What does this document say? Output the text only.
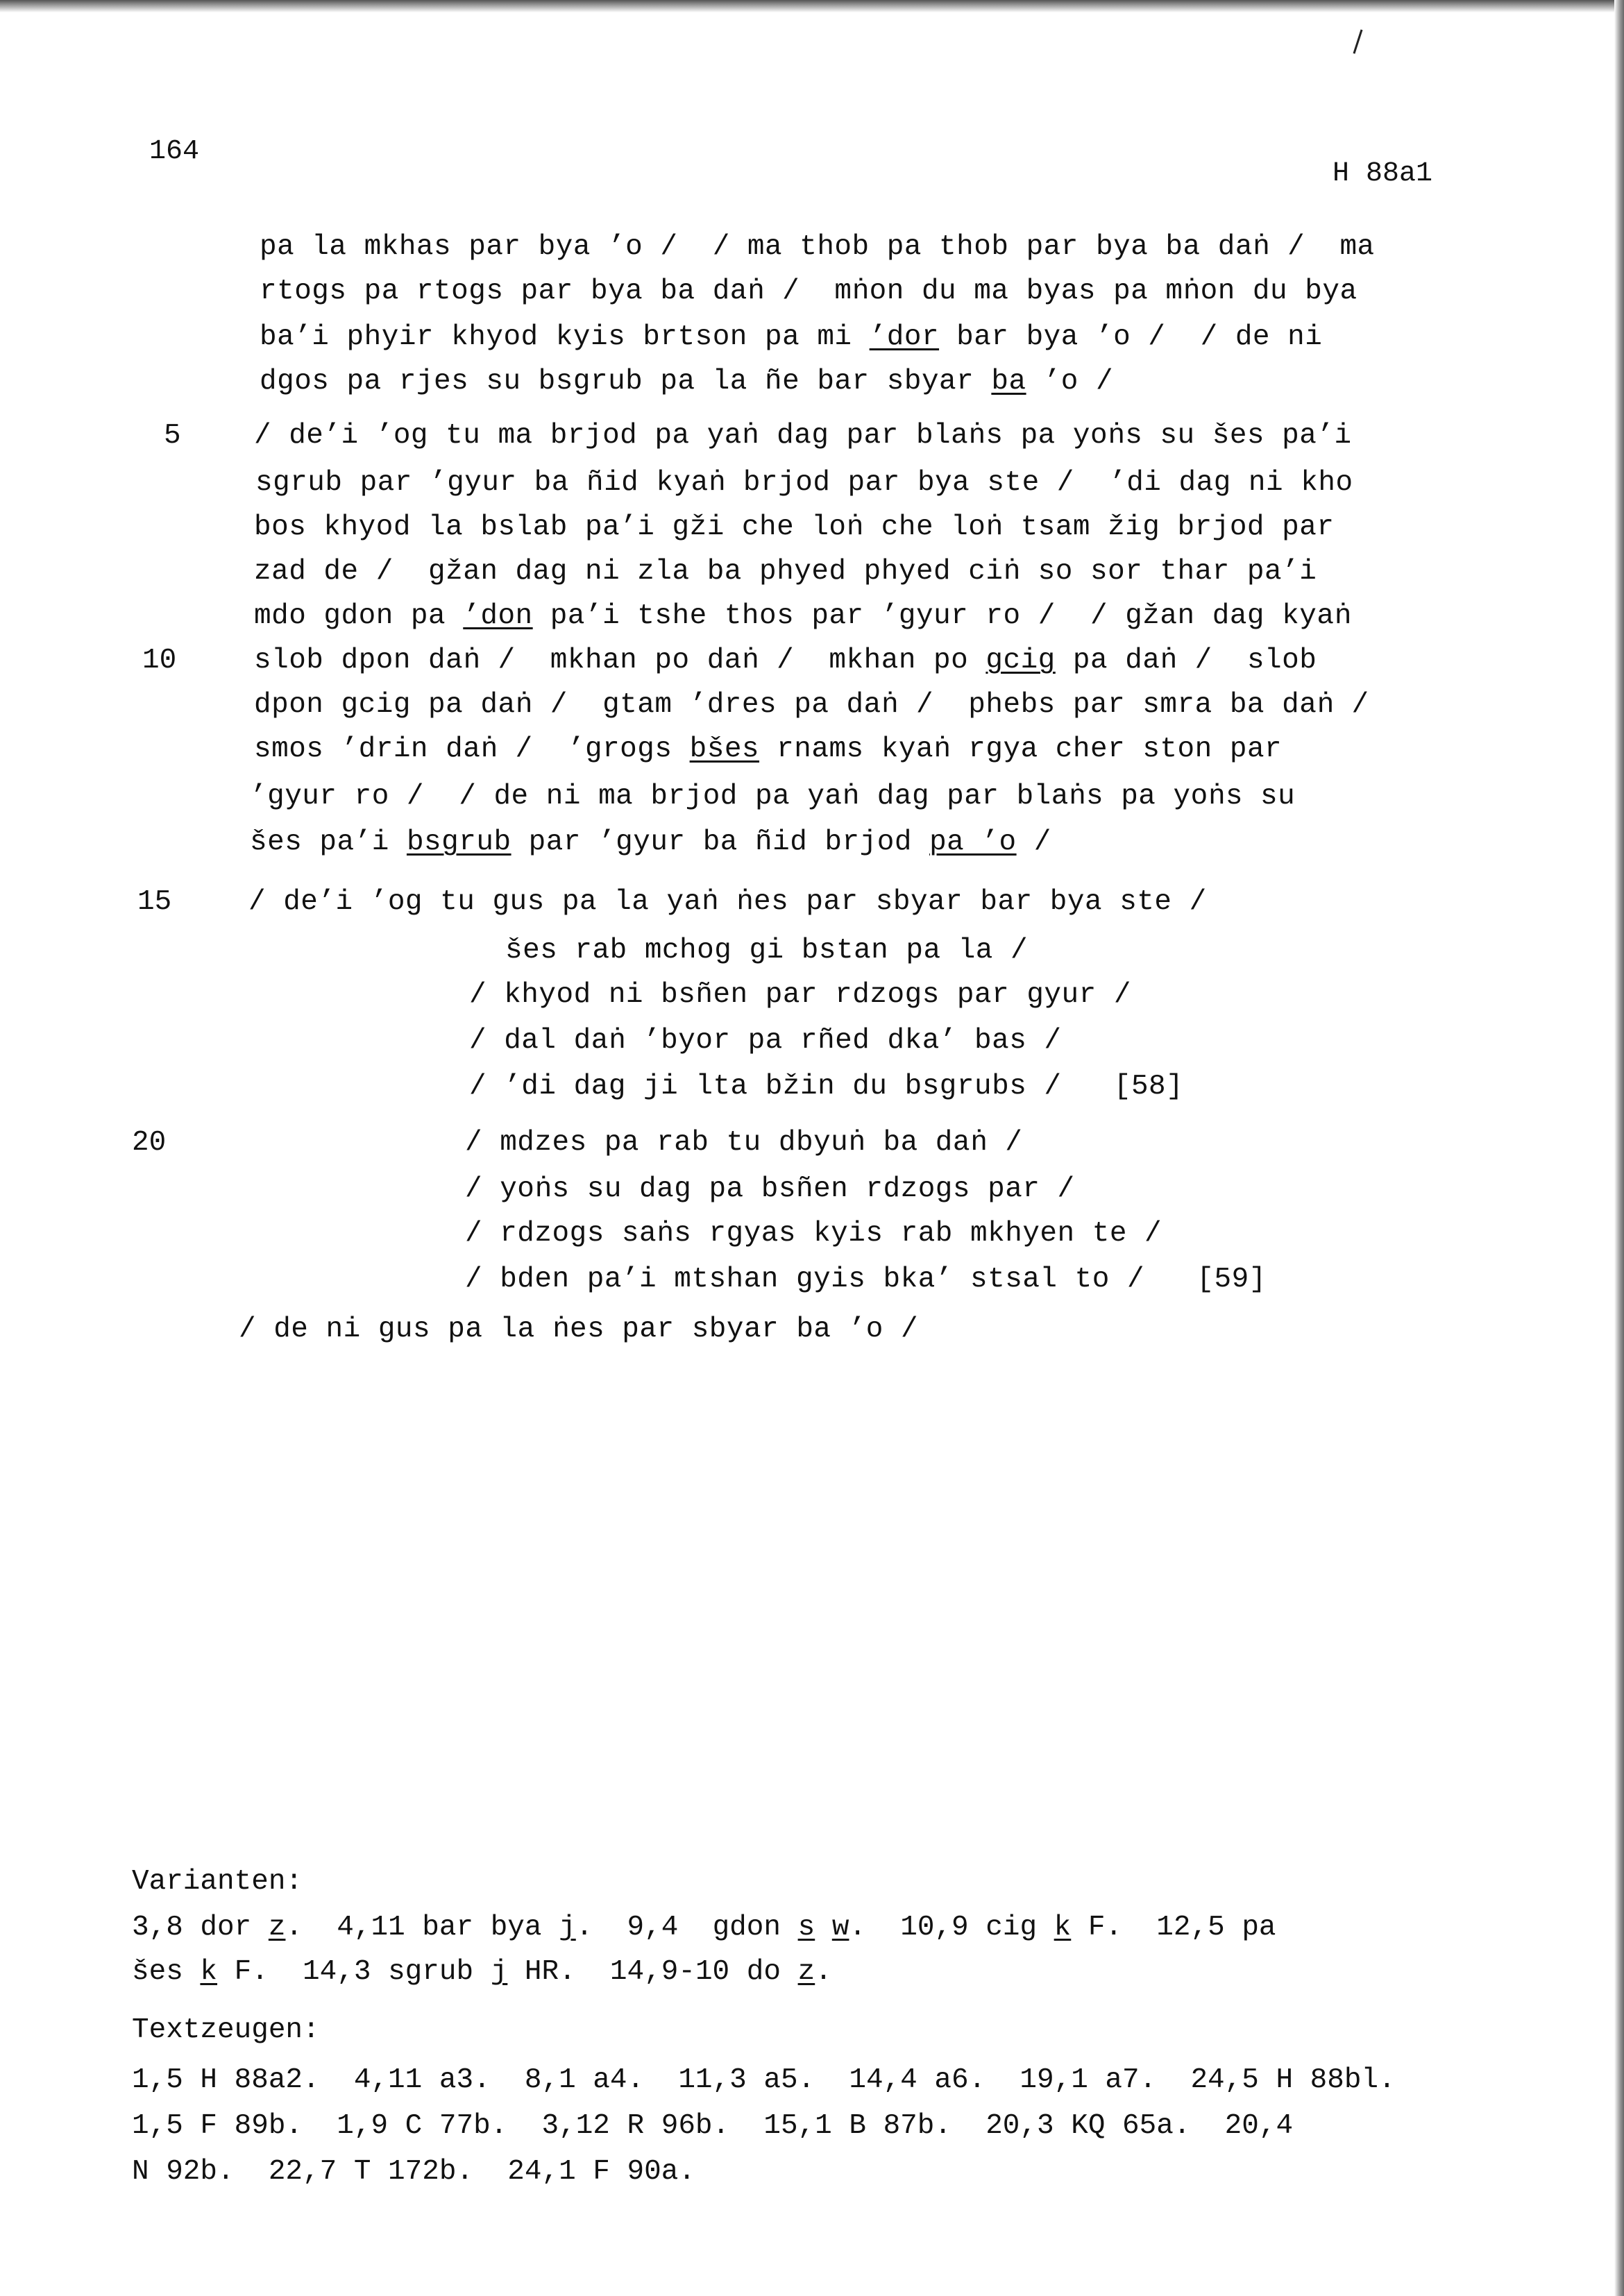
164
H 88a1
5
10
15
20
pa la mkhas par bya ’o /  / ma thob pa thob par bya ba daṅ /  ma
rtogs pa rtogs par bya ba daṅ /  mṅon du ma byas pa mṅon du bya
ba’i phyir khyod kyis brtson pa mi ’dor bar bya ’o /  / de ni
dgos pa rjes su bsgrub pa la ñe bar sbyar ba ’o /
/ de’i ’og tu ma brjod pa yaṅ dag par blaṅs pa yoṅs su šes pa’i
sgrub par ’gyur ba ñid kyaṅ brjod par bya ste /  ’di dag ni kho
bos khyod la bslab pa’i gži che loṅ che loṅ tsam žig brjod par
zad de /  gžan dag ni zla ba phyed phyed ciṅ so sor thar pa’i
mdo gdon pa ’don pa’i tshe thos par ’gyur ro /  / gžan dag kyaṅ
slob dpon daṅ /  mkhan po daṅ /  mkhan po gcig pa daṅ /  slob
dpon gcig pa daṅ /  gtam ’dres pa daṅ /  phebs par smra ba daṅ /
smos ’drin daṅ /  ’grogs bšes rnams kyaṅ rgya cher ston par
’gyur ro /  / de ni ma brjod pa yaṅ dag par blaṅs pa yoṅs su
šes pa’i bsgrub par ’gyur ba ñid brjod pa ’o /
/ de’i ’og tu gus pa la yaṅ ṅes par sbyar bar bya ste /
šes rab mchog gi bstan pa la /
/ khyod ni bsñen par rdzogs par gyur /
/ dal daṅ ’byor pa rñed dka’ bas /
/ ’di dag ji lta bžin du bsgrubs /   [58]
/ mdzes pa rab tu dbyuṅ ba daṅ /
/ yoṅs su dag pa bsñen rdzogs par /
/ rdzogs saṅs rgyas kyis rab mkhyen te /
/ bden pa’i mtshan gyis bka’ stsal to /   [59]
/ de ni gus pa la ṅes par sbyar ba ’o /
Varianten:
3,8 dor z.  4,11 bar bya j.  9,4  gdon s w.  10,9 cig k F.  12,5 pa
šes k F.  14,3 sgrub j HR.  14,9-10 do z.
Textzeugen:
1,5 H 88a2.  4,11 a3.  8,1 a4.  11,3 a5.  14,4 a6.  19,1 a7.  24,5 H 88bl.
1,5 F 89b.  1,9 C 77b.  3,12 R 96b.  15,1 B 87b.  20,3 KQ 65a.  20,4
N 92b.  22,7 T 172b.  24,1 F 90a.
